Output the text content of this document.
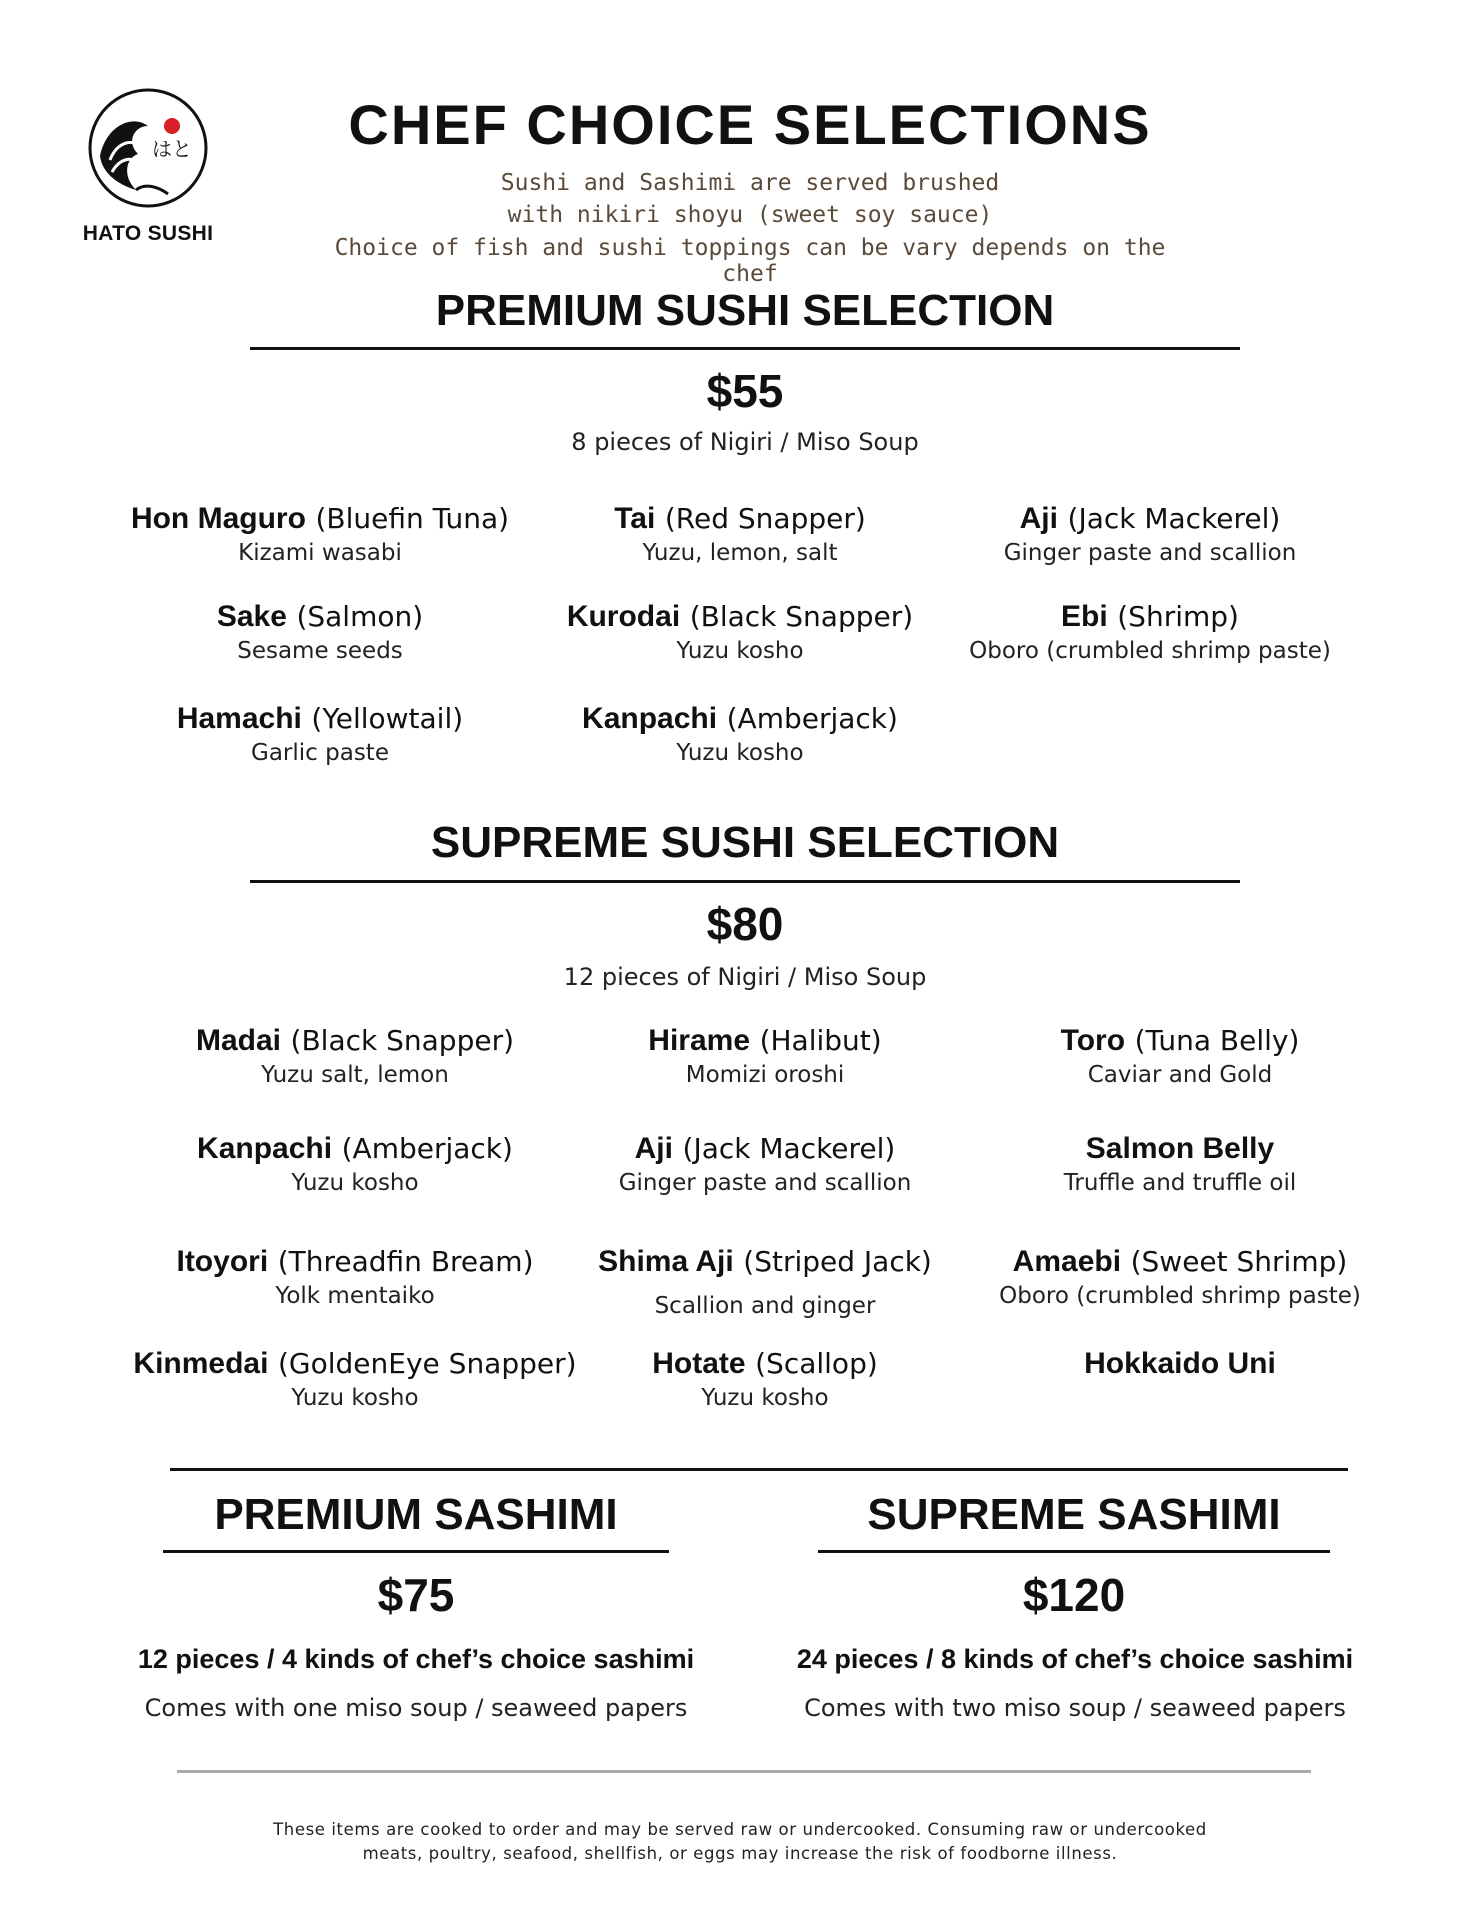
はと
HATO SUSHI
CHEF CHOICE SELECTIONS
Sushi and Sashimi are served brushed
with nikiri shoyu (sweet soy sauce)
Choice of fish and sushi toppings can be vary depends on the chef
PREMIUM SUSHI SELECTION
$55
8 pieces of Nigiri / Miso Soup
Hon Maguro (Bluefin Tuna)
Kizami wasabi
Tai (Red Snapper)
Yuzu, lemon, salt
Aji (Jack Mackerel)
Ginger paste and scallion
Sake (Salmon)
Sesame seeds
Kurodai (Black Snapper)
Yuzu kosho
Ebi (Shrimp)
Oboro (crumbled shrimp paste)
Hamachi (Yellowtail)
Garlic paste
Kanpachi (Amberjack)
Yuzu kosho
SUPREME SUSHI SELECTION
$80
12 pieces of Nigiri / Miso Soup
Madai (Black Snapper)
Yuzu salt, lemon
Hirame (Halibut)
Momizi oroshi
Toro (Tuna Belly)
Caviar and Gold
Kanpachi (Amberjack)
Yuzu kosho
Aji (Jack Mackerel)
Ginger paste and scallion
Salmon Belly
Truffle and truffle oil
Itoyori (Threadfin Bream)
Yolk mentaiko
Shima Aji (Striped Jack)
Scallion and ginger
Amaebi (Sweet Shrimp)
Oboro (crumbled shrimp paste)
Kinmedai (GoldenEye Snapper)
Yuzu kosho
Hotate (Scallop)
Yuzu kosho
Hokkaido Uni
PREMIUM SASHIMI
$75
12 pieces / 4 kinds of chef’s choice sashimi
Comes with one miso soup / seaweed papers
SUPREME SASHIMI
$120
24 pieces / 8 kinds of chef’s choice sashimi
Comes with two miso soup / seaweed papers
These items are cooked to order and may be served raw or undercooked. Consuming raw or undercooked
meats, poultry, seafood, shellfish, or eggs may increase the risk of foodborne illness.
